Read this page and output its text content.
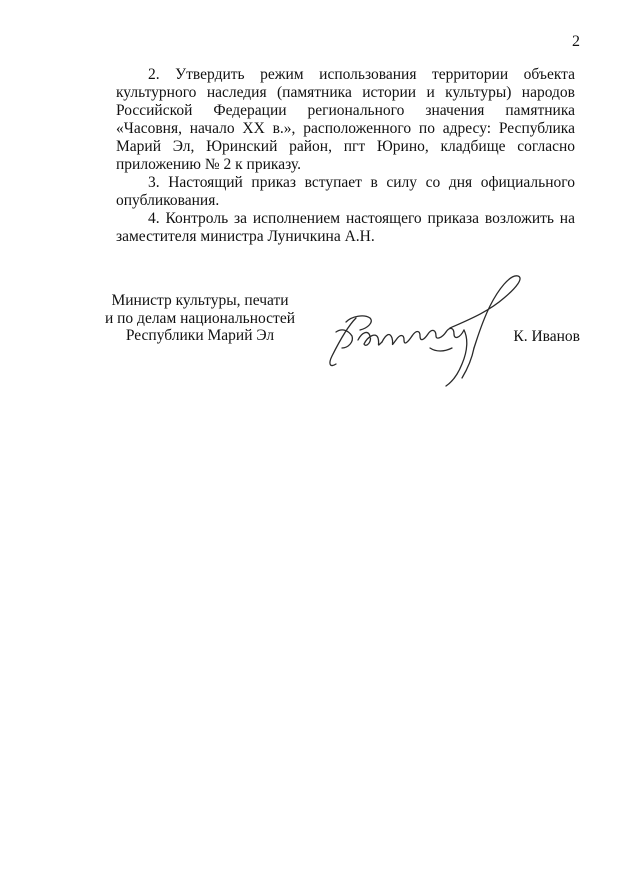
2

2. Утвердить режим использования территории объекта культурного наследия (памятника истории и культуры) народов Российской Федерации регионального значения памятника «Часовня, начало XX в.», расположенного по адресу: Республика Марий Эл, Юринский район, пгт Юрино, кладбище согласно приложению № 2 к приказу.

3. Настоящий приказ вступает в силу со дня официального опубликования.

4. Контроль за исполнением настоящего приказа возложить на заместителя министра Луничкина А.Н.

Министр культуры, печати
и по делам национальностей
Республики Марий Эл	К. Иванов
